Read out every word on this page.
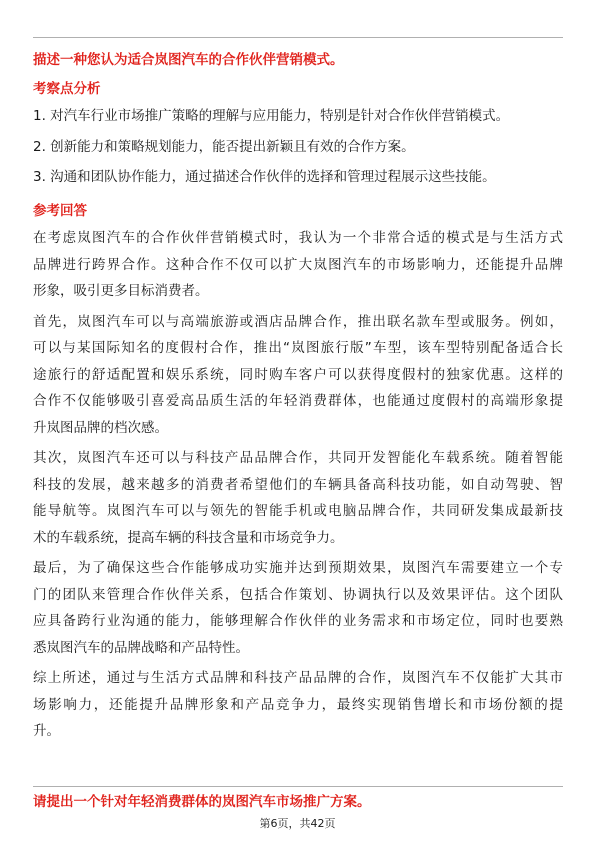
描述一种您认为适合岚图汽车的合作伙伴营销模式。
考察点分析
1. 对汽车行业市场推广策略的理解与应用能力，特别是针对合作伙伴营销模式。
2. 创新能力和策略规划能力，能否提出新颖且有效的合作方案。
3. 沟通和团队协作能力，通过描述合作伙伴的选择和管理过程展示这些技能。
参考回答
在考虑岚图汽车的合作伙伴营销模式时，我认为一个非常合适的模式是与生活方式
品牌进行跨界合作。这种合作不仅可以扩大岚图汽车的市场影响力，还能提升品牌
形象，吸引更多目标消费者。
首先，岚图汽车可以与高端旅游或酒店品牌合作，推出联名款车型或服务。例如，
可以与某国际知名的度假村合作，推出“岚图旅行版”车型，该车型特别配备适合长
途旅行的舒适配置和娱乐系统，同时购车客户可以获得度假村的独家优惠。这样的
合作不仅能够吸引喜爱高品质生活的年轻消费群体，也能通过度假村的高端形象提
升岚图品牌的档次感。
其次，岚图汽车还可以与科技产品品牌合作，共同开发智能化车载系统。随着智能
科技的发展，越来越多的消费者希望他们的车辆具备高科技功能，如自动驾驶、智
能导航等。岚图汽车可以与领先的智能手机或电脑品牌合作，共同研发集成最新技
术的车载系统，提高车辆的科技含量和市场竞争力。
最后，为了确保这些合作能够成功实施并达到预期效果，岚图汽车需要建立一个专
门的团队来管理合作伙伴关系，包括合作策划、协调执行以及效果评估。这个团队
应具备跨行业沟通的能力，能够理解合作伙伴的业务需求和市场定位，同时也要熟
悉岚图汽车的品牌战略和产品特性。
综上所述，通过与生活方式品牌和科技产品品牌的合作，岚图汽车不仅能扩大其市
场影响力，还能提升品牌形象和产品竞争力，最终实现销售增长和市场份额的提
升。
请提出一个针对年轻消费群体的岚图汽车市场推广方案。
第6页，共42页
